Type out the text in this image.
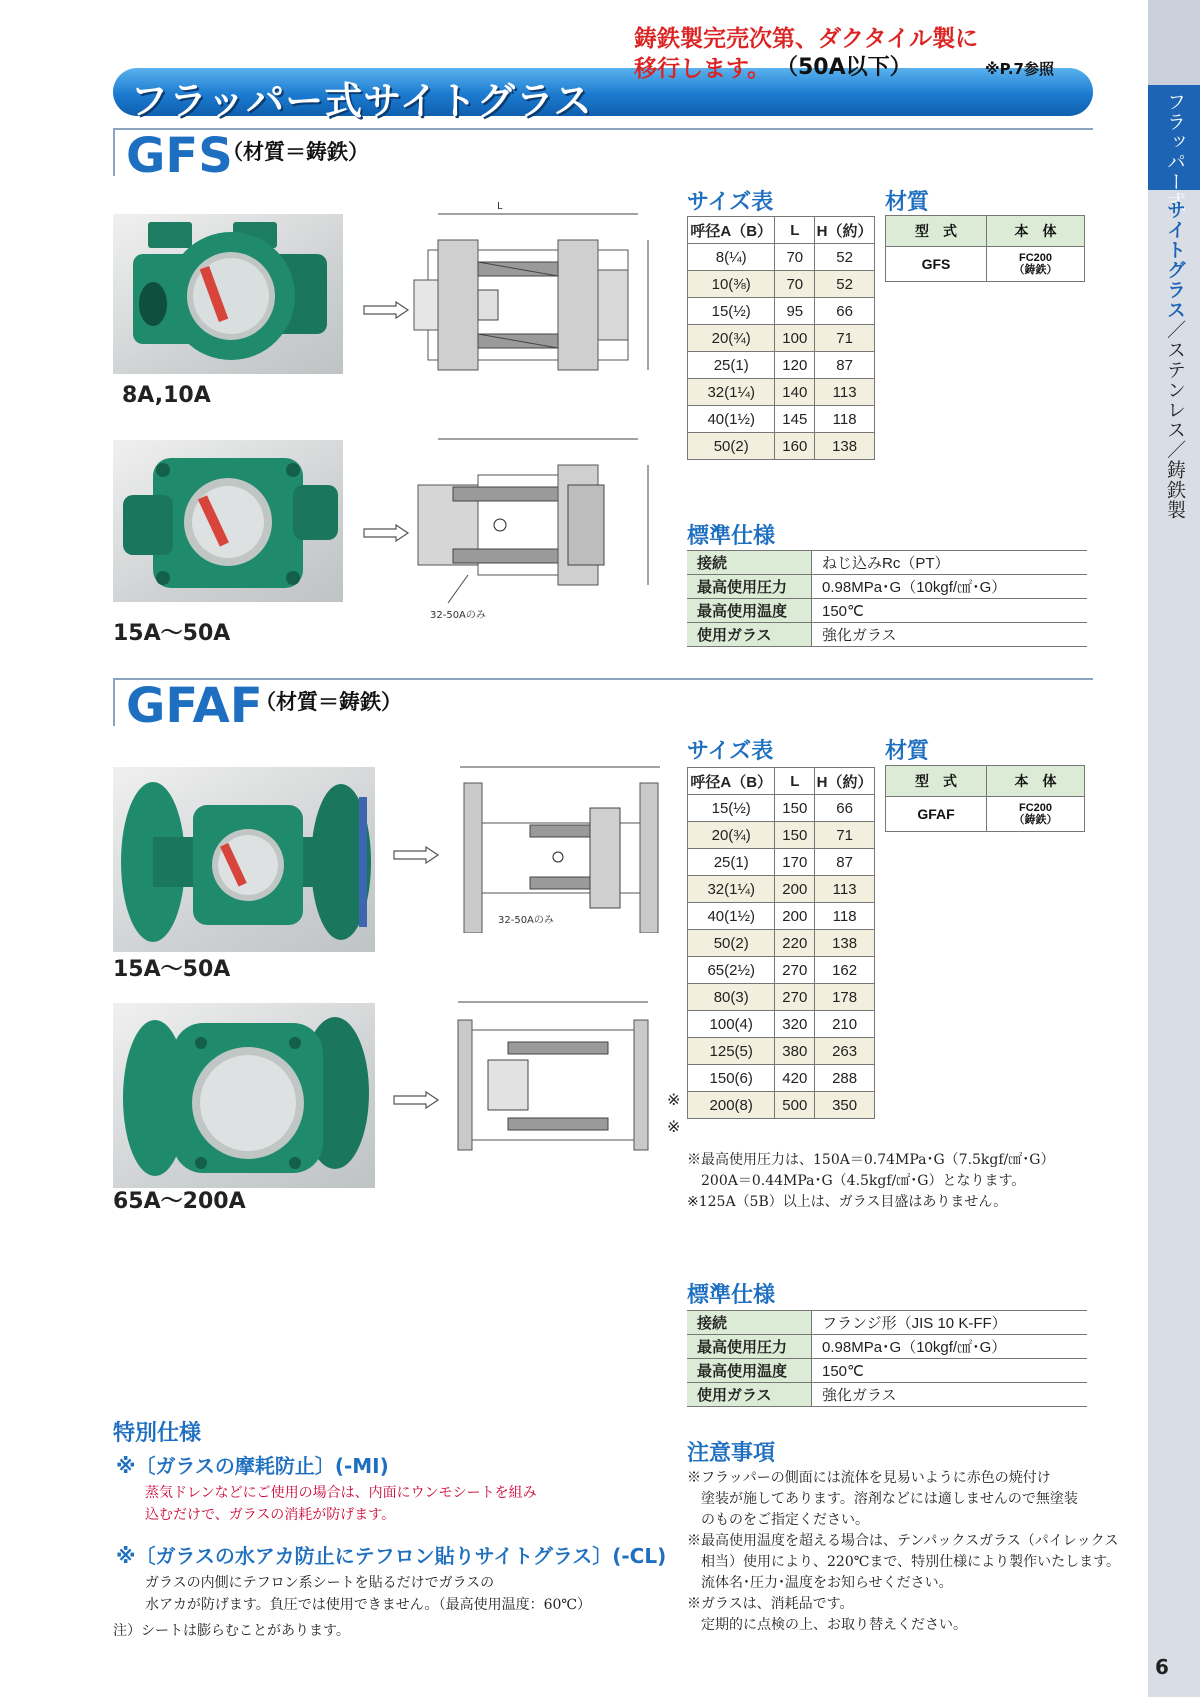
フラッパー式
サイトグラス
／ステンレス／鋳鉄製
フラッパー式サイトグラス
鋳鉄製完売次第、ダクタイル製に
移行します。 （50A以下）	※P.7参照
GFS
（材質＝鋳鉄）
8A,10A
15A～50A
L
32-50Aのみ
サイズ表
呼径A（B）	L	H（約）
8(¼)	70	52
10(⅜)	70	52
15(½)	95	66
20(¾)	100	71
25(1)	120	87
32(1¼)	140	113
40(1½)	145	118
50(2)	160	138
材質
型　式	本　体
GFS	FC200
（鋳鉄）
標準仕様
接続	ねじ込みRc（PT）
最高使用圧力	0.98MPa･G（10kgf/㎠･G）
最高使用温度	150℃
使用ガラス	強化ガラス
GFAF
（材質＝鋳鉄）
15A～50A
65A～200A
32-50Aのみ
サイズ表
※
※
呼径A（B）	L	H（約）
15(½)	150	66
20(¾)	150	71
25(1)	170	87
32(1¼)	200	113
40(1½)	200	118
50(2)	220	138
65(2½)	270	162
80(3)	270	178
100(4)	320	210
125(5)	380	263
150(6)	420	288
200(8)	500	350
材質
型　式	本　体
GFAF	FC200
（鋳鉄）
※最高使用圧力は、150A＝0.74MPa･G（7.5kgf/㎠･G）
　200A＝0.44MPa･G（4.5kgf/㎠･G）となります。
※125A（5B）以上は、ガラス目盛はありません。
標準仕様
接続	フランジ形（JIS 10 K-FF）
最高使用圧力	0.98MPa･G（10kgf/㎠･G）
最高使用温度	150℃
使用ガラス	強化ガラス
特別仕様
※〔ガラスの摩耗防止〕(-MI)
蒸気ドレンなどにご使用の場合は、内面にウンモシートを組み
込むだけで、ガラスの消耗が防げます。
※〔ガラスの水アカ防止にテフロン貼りサイトグラス〕(-CL)
ガラスの内側にテフロン系シートを貼るだけでガラスの
水アカが防げます。負圧では使用できません。（最高使用温度：60℃）
注）シートは膨らむことがあります。
注意事項
※フラッパーの側面には流体を見易いように赤色の焼付け
　塗装が施してあります。溶剤などには適しませんので無塗装
　のものをご指定ください。
※最高使用温度を超える場合は、テンパックスガラス（パイレックス
　相当）使用により、220℃まで、特別仕様により製作いたします。
　流体名･圧力･温度をお知らせください。
※ガラスは、消耗品です。
　定期的に点検の上、お取り替えください。
6
